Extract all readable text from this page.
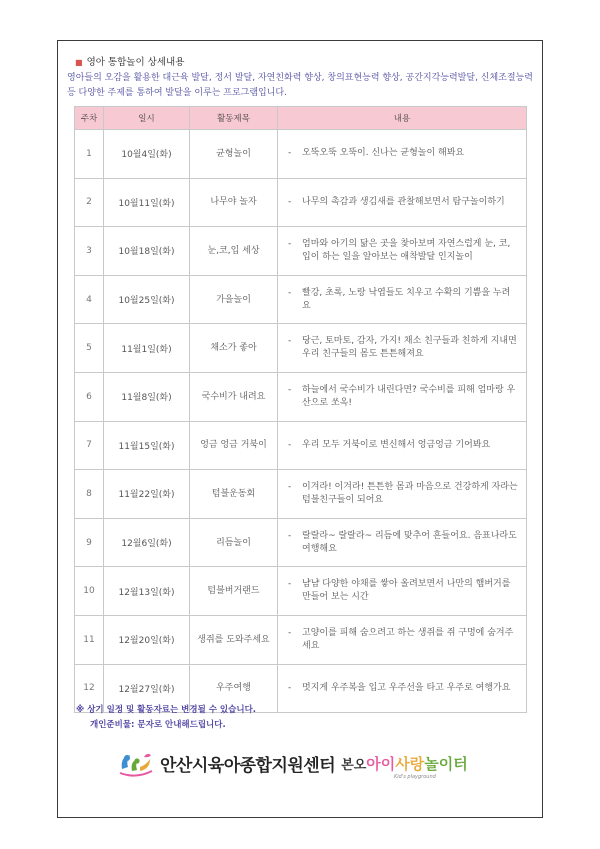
■ 영아 통합놀이 상세내용
영아들의 오감을 활용한 대근육 발달, 정서 발달, 자연친화력 향상, 창의표현능력 향상, 공간지각능력발달, 신체조절능력 등 다양한 주제를 통하여 발달을 이루는 프로그램입니다.
주차	일시	활동제목	내용
1	10월4일(화)	균형놀이	- 오뚝오뚝 오뚝이. 신나는 균형놀이 해봐요

2	10월11일(화)	나무야 놀자	- 나무의 촉감과 생김새를 관찰해보면서 탐구놀이하기

3	10월18일(화)	눈,코,입 세상	- 엄마와 아기의 닮은 곳을 찾아보며 자연스럽게 눈, 코, 입이 하는 일을 알아보는 애착발달 인지놀이

4	10월25일(화)	가을놀이	- 빨강, 초록, 노랑 낙엽들도 치우고 수확의 기쁨을 누려요

5	11월1일(화)	채소가 좋아	- 당근, 토마토, 감자, 가지! 채소 친구들과 친하게 지내면 우리 친구들의 몸도 튼튼해져요

6	11월8일(화)	국수비가 내려요	- 하늘에서 국수비가 내린다면? 국수비를 피해 엄마랑 우산으로 쏘옥!

7	11월15일(화)	엉금 엉금 거북이	- 우리 모두 거북이로 변신해서 엉금엉금 기어봐요

8	11월22일(화)	텀블운동회	- 이겨라! 이겨라! 튼튼한 몸과 마음으로 건강하게 자라는 텀블친구들이 되어요

9	12월6일(화)	리듬놀이	- 랄랄라~ 랄랄라~ 리듬에 맞추어 흔들어요. 음표나라도 여행해요

10	12월13일(화)	텀블버거랜드	- 냠냠 다양한 야채를 쌓아 올려보면서 나만의 햄버거를 만들어 보는 시간

11	12월20일(화)	생쥐를 도와주세요	- 고양이를 피해 숨으려고 하는 생쥐를 쥐 구멍에 숨겨주세요

12	12월27일(화)	우주여행	- 멋지게 우주복을 입고 우주선을 타고 우주로 여행가요
※ 상기 일정 및 활동자료는 변경될 수 있습니다.
개인준비물: 문자로 안내해드립니다.
안산시육아종합지원센터 본오 아이 사랑 놀이터
Kid's playground
